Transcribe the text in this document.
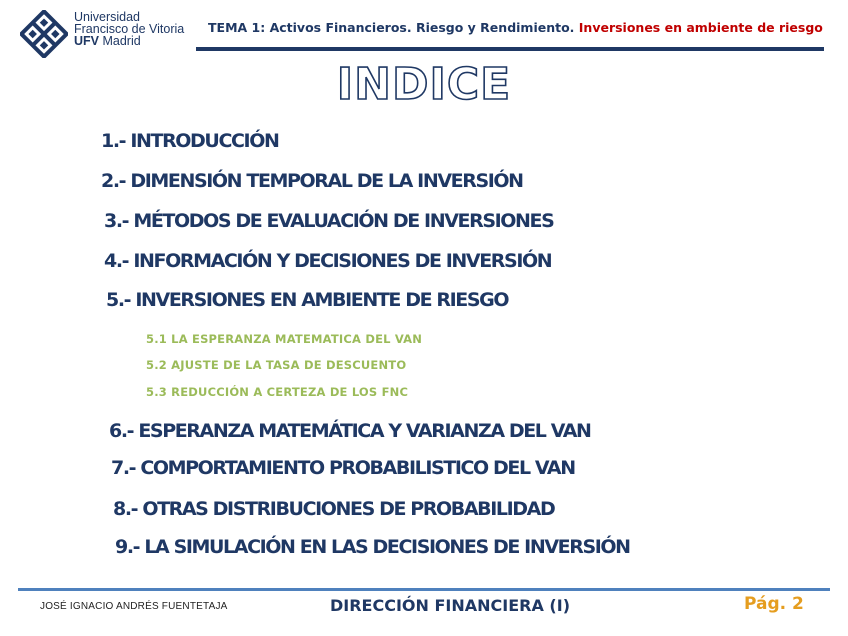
Universidad
Francisco de Vitoria
UFV Madrid
TEMA 1: Activos Financieros. Riesgo y Rendimiento. Inversiones en ambiente de riesgo
INDICE
1.- INTRODUCCIÓN
2.- DIMENSIÓN TEMPORAL DE LA INVERSIÓN
3.- MÉTODOS DE EVALUACIÓN DE INVERSIONES
4.- INFORMACIÓN Y DECISIONES DE INVERSIÓN
5.- INVERSIONES EN AMBIENTE DE RIESGO
5.1 LA ESPERANZA MATEMATICA DEL VAN
5.2 AJUSTE DE LA TASA DE DESCUENTO
5.3 REDUCCIÓN A CERTEZA DE LOS FNC
6.- ESPERANZA MATEMÁTICA Y VARIANZA DEL VAN
7.- COMPORTAMIENTO PROBABILISTICO DEL VAN
8.- OTRAS DISTRIBUCIONES DE PROBABILIDAD
9.- LA SIMULACIÓN EN LAS DECISIONES DE INVERSIÓN
JOSÉ IGNACIO ANDRÉS FUENTETAJA	DIRECCIÓN FINANCIERA (I)	Pág. 2
